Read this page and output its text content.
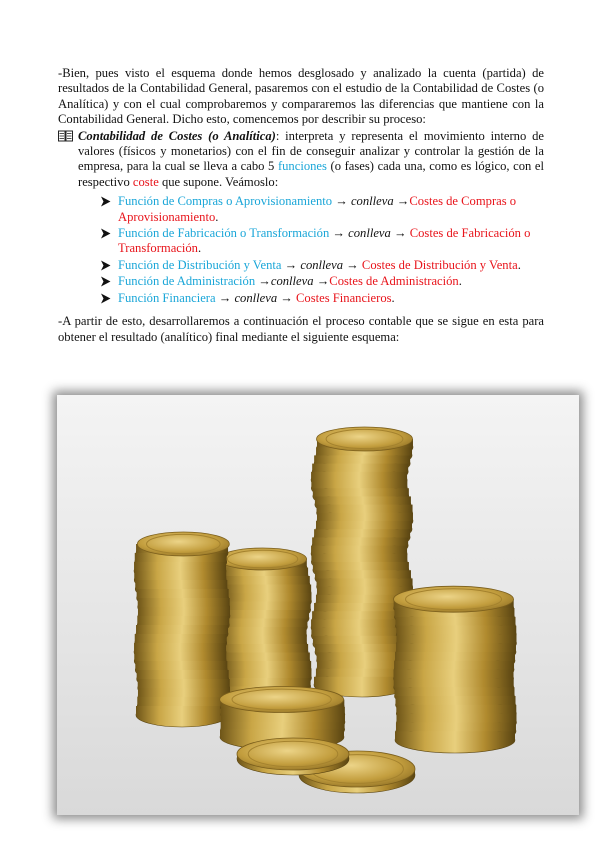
-Bien, pues visto el esquema donde hemos desglosado y analizado la cuenta (partida) de resultados de la Contabilidad General, pasaremos con el estudio de la Contabilidad de Costes (o Analítica) y con el cual comprobaremos y compararemos las diferencias que mantiene con la Contabilidad General. Dicho esto, comencemos por describir su proceso:

Contabilidad de Costes (o Analítica): interpreta y representa el movimiento interno de valores (físicos y monetarios) con el fin de conseguir analizar y controlar la gestión de la empresa, para la cual se lleva a cabo 5 funciones (o fases) cada una, como es lógico, con el respectivo coste que supone. Veámoslo:

Función de Compras o Aprovisionamiento → conlleva →Costes de Compras o Aprovisionamiento.
Función de Fabricación o Transformación → conlleva → Costes de Fabricación o Transformación.
Función de Distribución y Venta → conlleva → Costes de Distribución y Venta.
Función de Administración →conlleva →Costes de Administración.
Función Financiera → conlleva → Costes Financieros.

-A partir de esto, desarrollaremos a continuación el proceso contable que se sigue en esta para obtener el resultado (analítico) final mediante el siguiente esquema:
